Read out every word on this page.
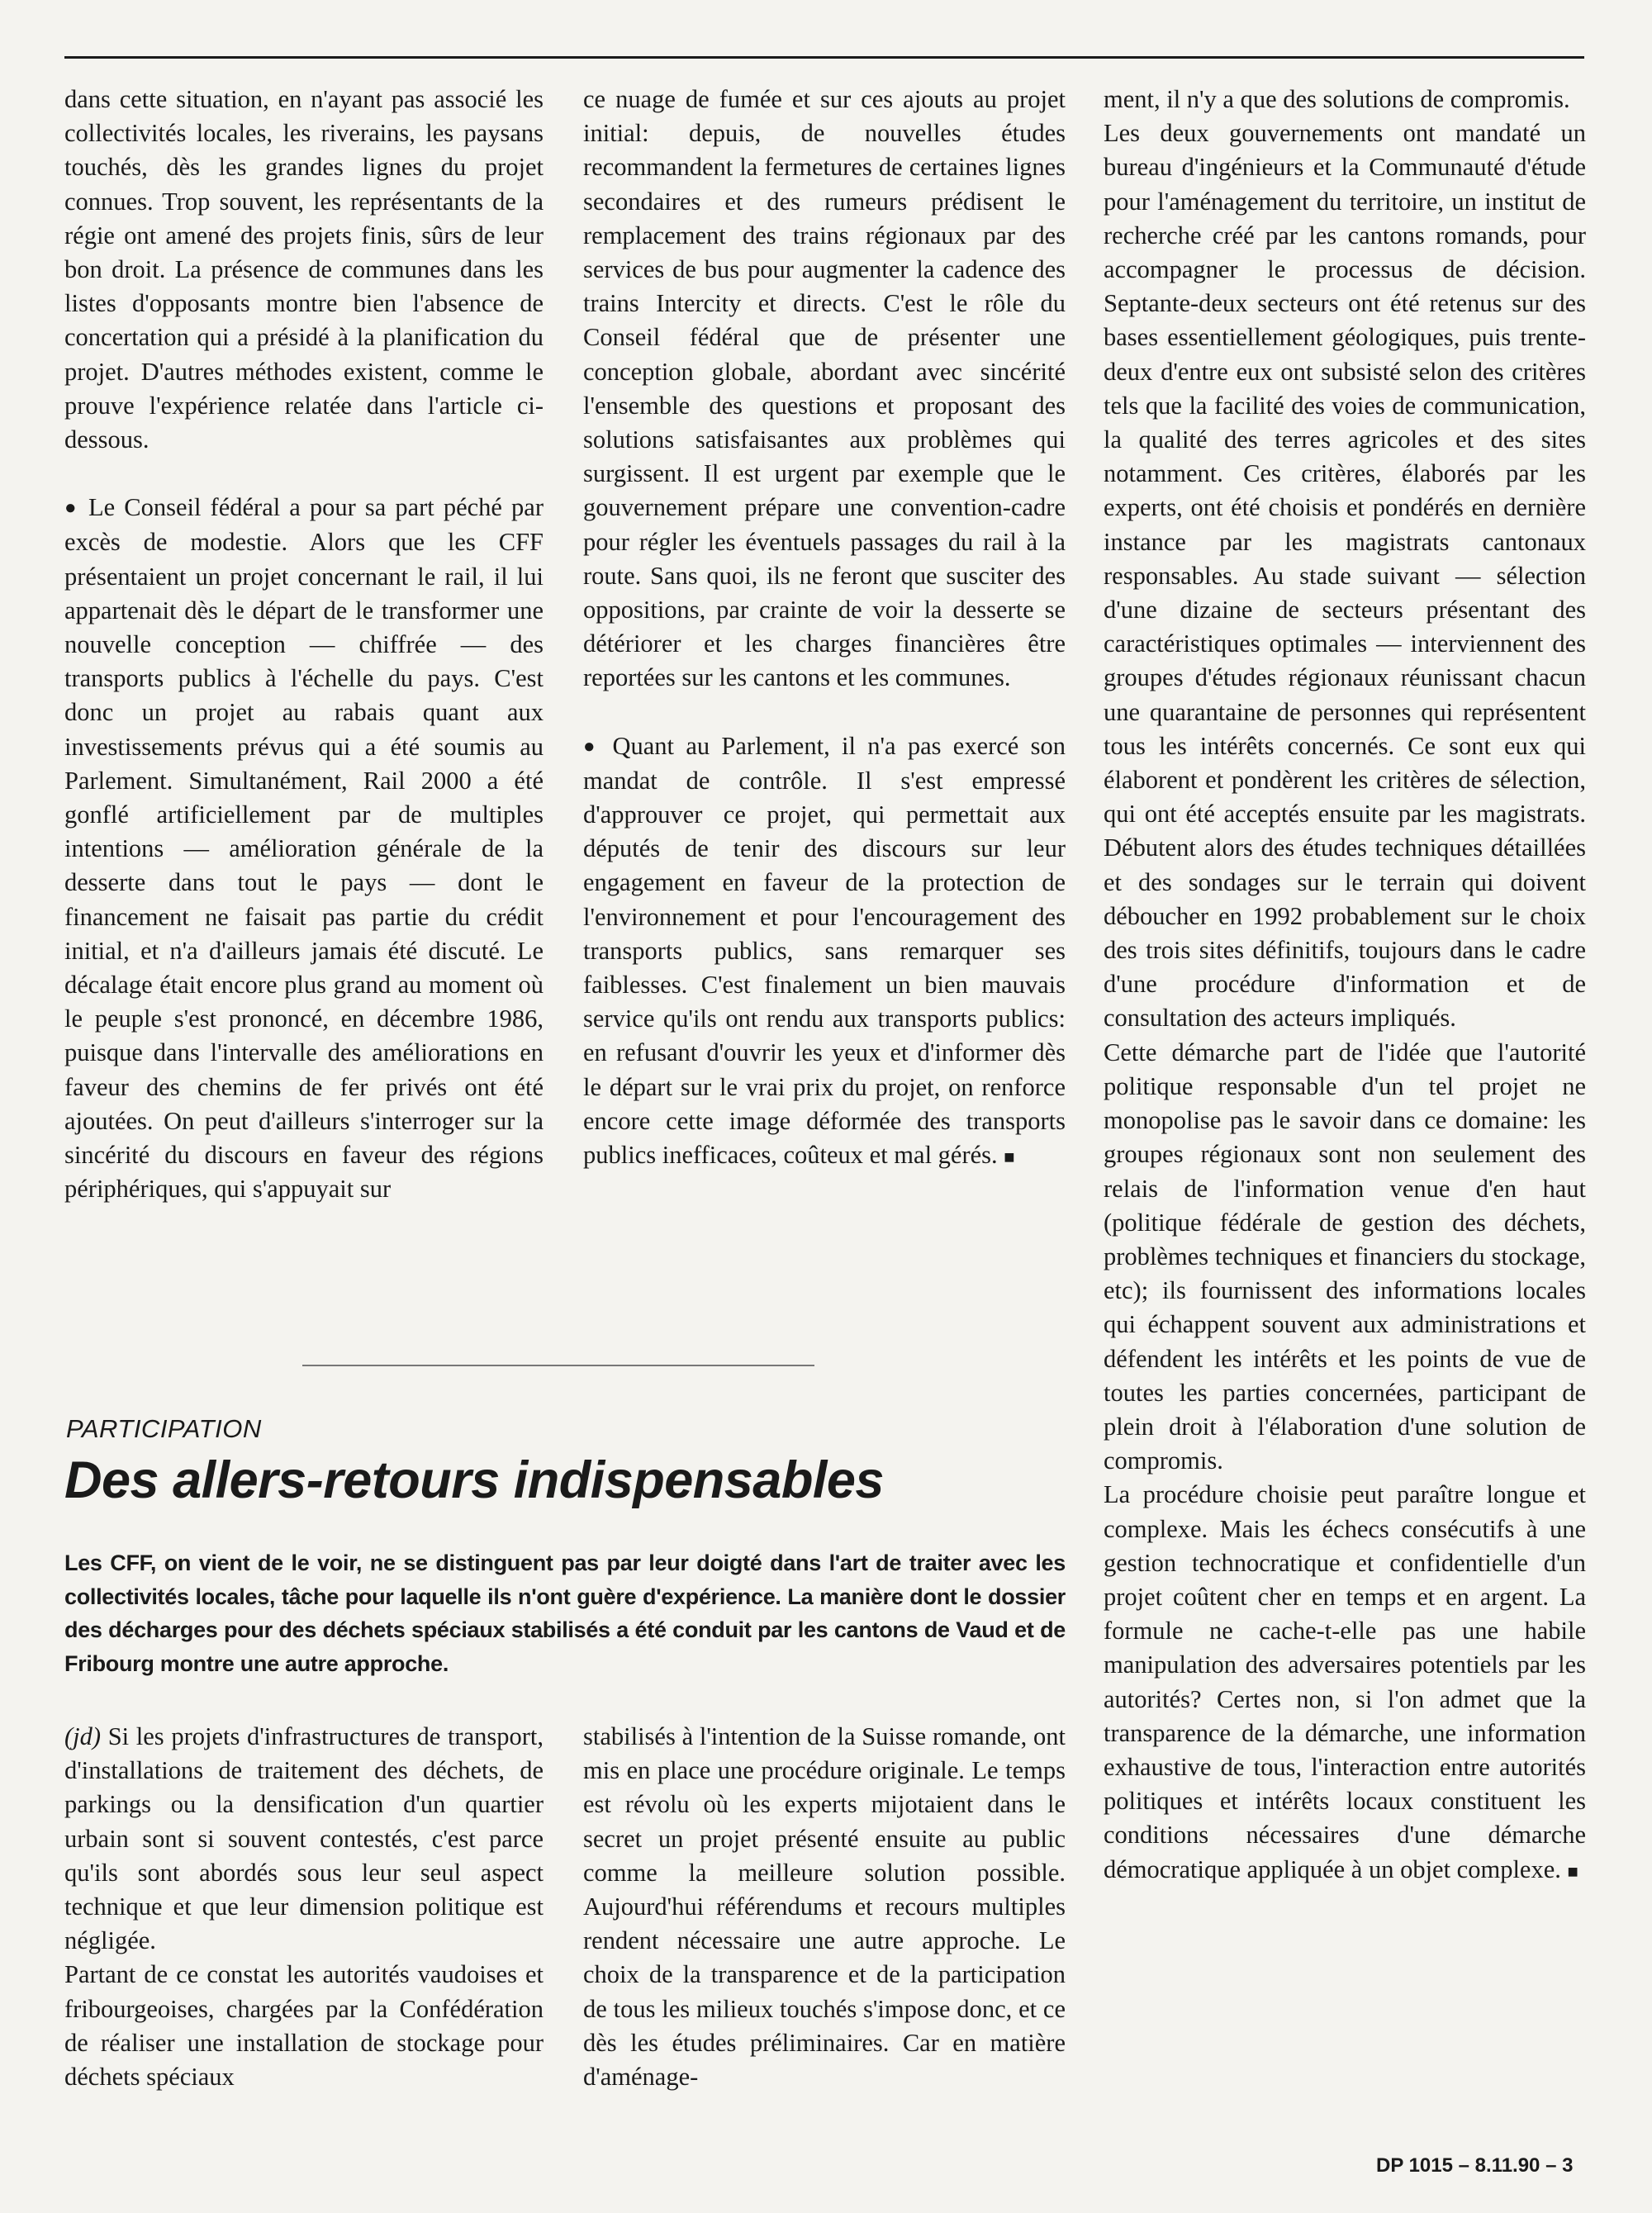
dans cette situation, en n'ayant pas associé les collectivités locales, les riverains, les paysans touchés, dès les grandes lignes du projet connues. Trop souvent, les représentants de la régie ont amené des projets finis, sûrs de leur bon droit. La présence de communes dans les listes d'opposants montre bien l'absence de concertation qui a présidé à la planification du projet. D'autres méthodes existent, comme le prouve l'expérience relatée dans l'article ci-dessous.

● Le Conseil fédéral a pour sa part péché par excès de modestie. Alors que les CFF présentaient un projet concernant le rail, il lui appartenait dès le départ de le transformer une nouvelle conception — chiffrée — des transports publics à l'échelle du pays. C'est donc un projet au rabais quant aux investissements prévus qui a été soumis au Parlement. Simultanément, Rail 2000 a été gonflé artificiellement par de multiples intentions — amélioration générale de la desserte dans tout le pays — dont le financement ne faisait pas partie du crédit initial, et n'a d'ailleurs jamais été discuté. Le décalage était encore plus grand au moment où le peuple s'est prononcé, en décembre 1986, puisque dans l'intervalle des améliorations en faveur des chemins de fer privés ont été ajoutées. On peut d'ailleurs s'interroger sur la sincérité du discours en faveur des régions périphériques, qui s'appuyait sur

ce nuage de fumée et sur ces ajouts au projet initial: depuis, de nouvelles études recommandent la fermetures de certaines lignes secondaires et des rumeurs prédisent le remplacement des trains régionaux par des services de bus pour augmenter la cadence des trains Intercity et directs. C'est le rôle du Conseil fédéral que de présenter une conception globale, abordant avec sincérité l'ensemble des questions et proposant des solutions satisfaisantes aux problèmes qui surgissent. Il est urgent par exemple que le gouvernement prépare une convention-cadre pour régler les éventuels passages du rail à la route. Sans quoi, ils ne feront que susciter des oppositions, par crainte de voir la desserte se détériorer et les charges financières être reportées sur les cantons et les communes.

● Quant au Parlement, il n'a pas exercé son mandat de contrôle. Il s'est empressé d'approuver ce projet, qui permettait aux députés de tenir des discours sur leur engagement en faveur de la protection de l'environnement et pour l'encouragement des transports publics, sans remarquer ses faiblesses. C'est finalement un bien mauvais service qu'ils ont rendu aux transports publics: en refusant d'ouvrir les yeux et d'informer dès le départ sur le vrai prix du projet, on renforce encore cette image déformée des transports publics inefficaces, coûteux et mal gérés. ■

ment, il n'y a que des solutions de compromis.

Les deux gouvernements ont mandaté un bureau d'ingénieurs et la Communauté d'étude pour l'aménagement du territoire, un institut de recherche créé par les cantons romands, pour accompagner le processus de décision. Septante-deux secteurs ont été retenus sur des bases essentiellement géologiques, puis trente-deux d'entre eux ont subsisté selon des critères tels que la facilité des voies de communication, la qualité des terres agricoles et des sites notamment. Ces critères, élaborés par les experts, ont été choisis et pondérés en dernière instance par les magistrats cantonaux responsables. Au stade suivant — sélection d'une dizaine de secteurs présentant des caractéristiques optimales — interviennent des groupes d'études régionaux réunissant chacun une quarantaine de personnes qui représentent tous les intérêts concernés. Ce sont eux qui élaborent et pondèrent les critères de sélection, qui ont été acceptés ensuite par les magistrats. Débutent alors des études techniques détaillées et des sondages sur le terrain qui doivent déboucher en 1992 probablement sur le choix des trois sites définitifs, toujours dans le cadre d'une procédure d'information et de consultation des acteurs impliqués.

Cette démarche part de l'idée que l'autorité politique responsable d'un tel projet ne monopolise pas le savoir dans ce domaine: les groupes régionaux sont non seulement des relais de l'information venue d'en haut (politique fédérale de gestion des déchets, problèmes techniques et financiers du stockage, etc); ils fournissent des informations locales qui échappent souvent aux administrations et défendent les intérêts et les points de vue de toutes les parties concernées, participant de plein droit à l'élaboration d'une solution de compromis.

La procédure choisie peut paraître longue et complexe. Mais les échecs consécutifs à une gestion technocratique et confidentielle d'un projet coûtent cher en temps et en argent. La formule ne cache-t-elle pas une habile manipulation des adversaires potentiels par les autorités? Certes non, si l'on admet que la transparence de la démarche, une information exhaustive de tous, l'interaction entre autorités politiques et intérêts locaux constituent les conditions nécessaires d'une démarche démocratique appliquée à un objet complexe. ■

PARTICIPATION
Des allers-retours indispensables
Les CFF, on vient de le voir, ne se distinguent pas par leur doigté dans l'art de traiter avec les collectivités locales, tâche pour laquelle ils n'ont guère d'expérience. La manière dont le dossier des décharges pour des déchets spéciaux stabilisés a été conduit par les cantons de Vaud et de Fribourg montre une autre approche.

(jd) Si les projets d'infrastructures de transport, d'installations de traitement des déchets, de parkings ou la densification d'un quartier urbain sont si souvent contestés, c'est parce qu'ils sont abordés sous leur seul aspect technique et que leur dimension politique est négligée.

Partant de ce constat les autorités vaudoises et fribourgeoises, chargées par la Confédération de réaliser une installation de stockage pour déchets spéciaux

stabilisés à l'intention de la Suisse romande, ont mis en place une procédure originale. Le temps est révolu où les experts mijotaient dans le secret un projet présenté ensuite au public comme la meilleure solution possible. Aujourd'hui référendums et recours multiples rendent nécessaire une autre approche. Le choix de la transparence et de la participation de tous les milieux touchés s'impose donc, et ce dès les études préliminaires. Car en matière d'aménage-

DP 1015 – 8.11.90 – 3
